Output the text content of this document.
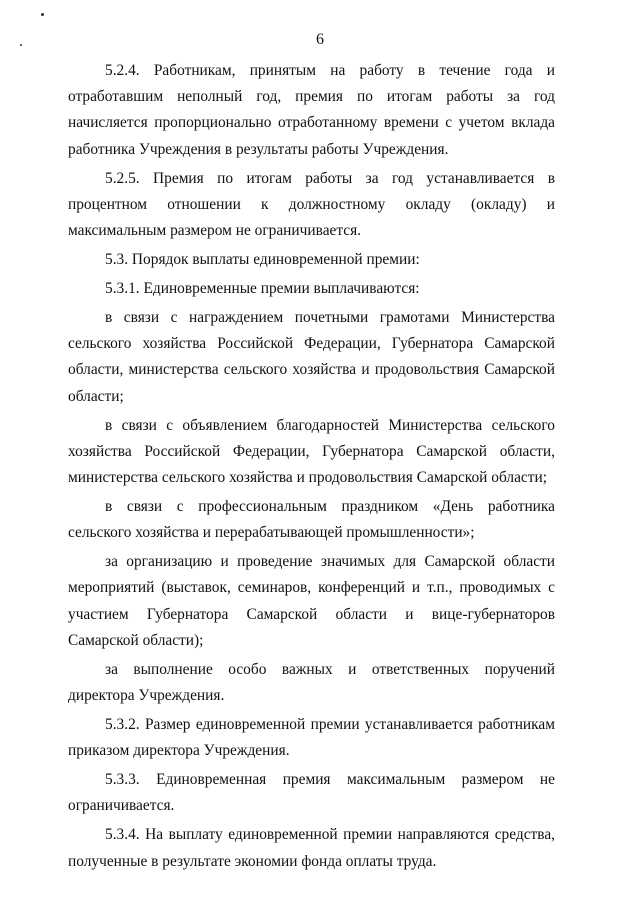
6

5.2.4. Работникам, принятым на работу в течение года и отработавшим неполный год, премия по итогам работы за год начисляется пропорционально отработанному времени с учетом вклада работника Учреждения в результаты работы Учреждения.

5.2.5. Премия по итогам работы за год устанавливается в процентном отношении к должностному окладу (окладу) и максимальным размером не ограничивается.

5.3. Порядок выплаты единовременной премии:

5.3.1. Единовременные премии выплачиваются:

в связи с награждением почетными грамотами Министерства сельского хозяйства Российской Федерации, Губернатора Самарской области, министерства сельского хозяйства и продовольствия Самарской области;

в связи с объявлением благодарностей Министерства сельского хозяйства Российской Федерации, Губернатора Самарской области, министерства сельского хозяйства и продовольствия Самарской области;

в связи с профессиональным праздником «День работника сельского хозяйства и перерабатывающей промышленности»;

за организацию и проведение значимых для Самарской области мероприятий (выставок, семинаров, конференций и т.п., проводимых с участием Губернатора Самарской области и вице-губернаторов Самарской области);

за выполнение особо важных и ответственных поручений директора Учреждения.

5.3.2. Размер единовременной премии устанавливается работникам приказом директора Учреждения.

5.3.3. Единовременная премия максимальным размером не ограничивается.

5.3.4. На выплату единовременной премии направляются средства, полученные в результате экономии фонда оплаты труда.
